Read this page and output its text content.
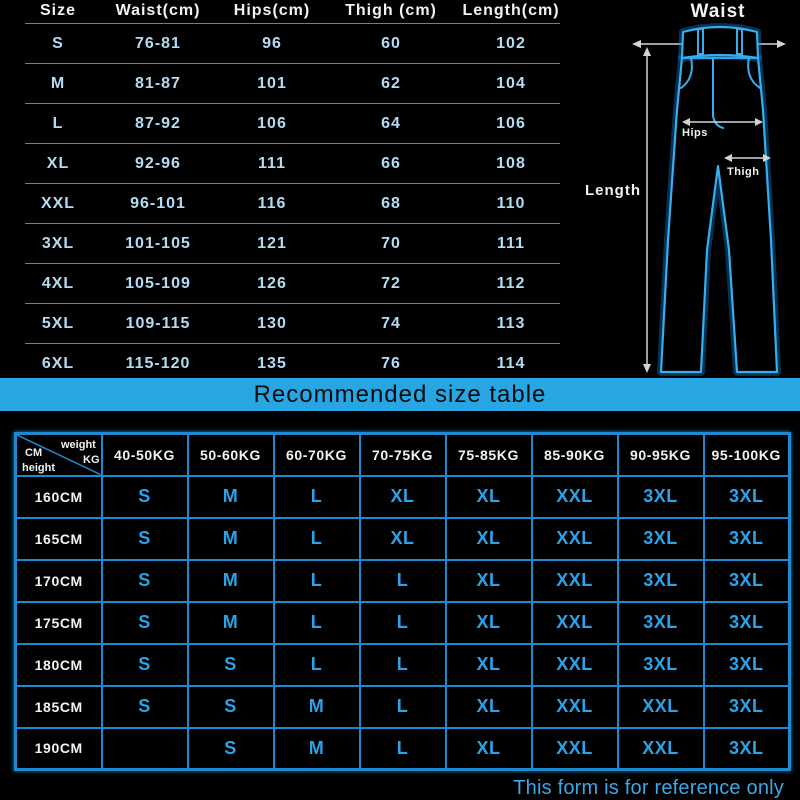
Size	Waist(cm)	Hips(cm)	Thigh (cm)	Length(cm)
S	76-81	96	60	102
M	81-87	101	62	104
L	87-92	106	64	106
XL	92-96	111	66	108
XXL	96-101	116	68	110
3XL	101-105	121	70	111
4XL	105-109	126	72	112
5XL	109-115	130	74	113
6XL	115-120	135	76	114
Waist
Length
Hips
Thigh
Recommended size table
weight
KG
CM
height	40-50KG	50-60KG	60-70KG	70-75KG	75-85KG	85-90KG	90-95KG	95-100KG
160CM	S	M	L	XL	XL	XXL	3XL	3XL
165CM	S	M	L	XL	XL	XXL	3XL	3XL
170CM	S	M	L	L	XL	XXL	3XL	3XL
175CM	S	M	L	L	XL	XXL	3XL	3XL
180CM	S	S	L	L	XL	XXL	3XL	3XL
185CM	S	S	M	L	XL	XXL	XXL	3XL
190CM		S	M	L	XL	XXL	XXL	3XL
This form is for reference only
